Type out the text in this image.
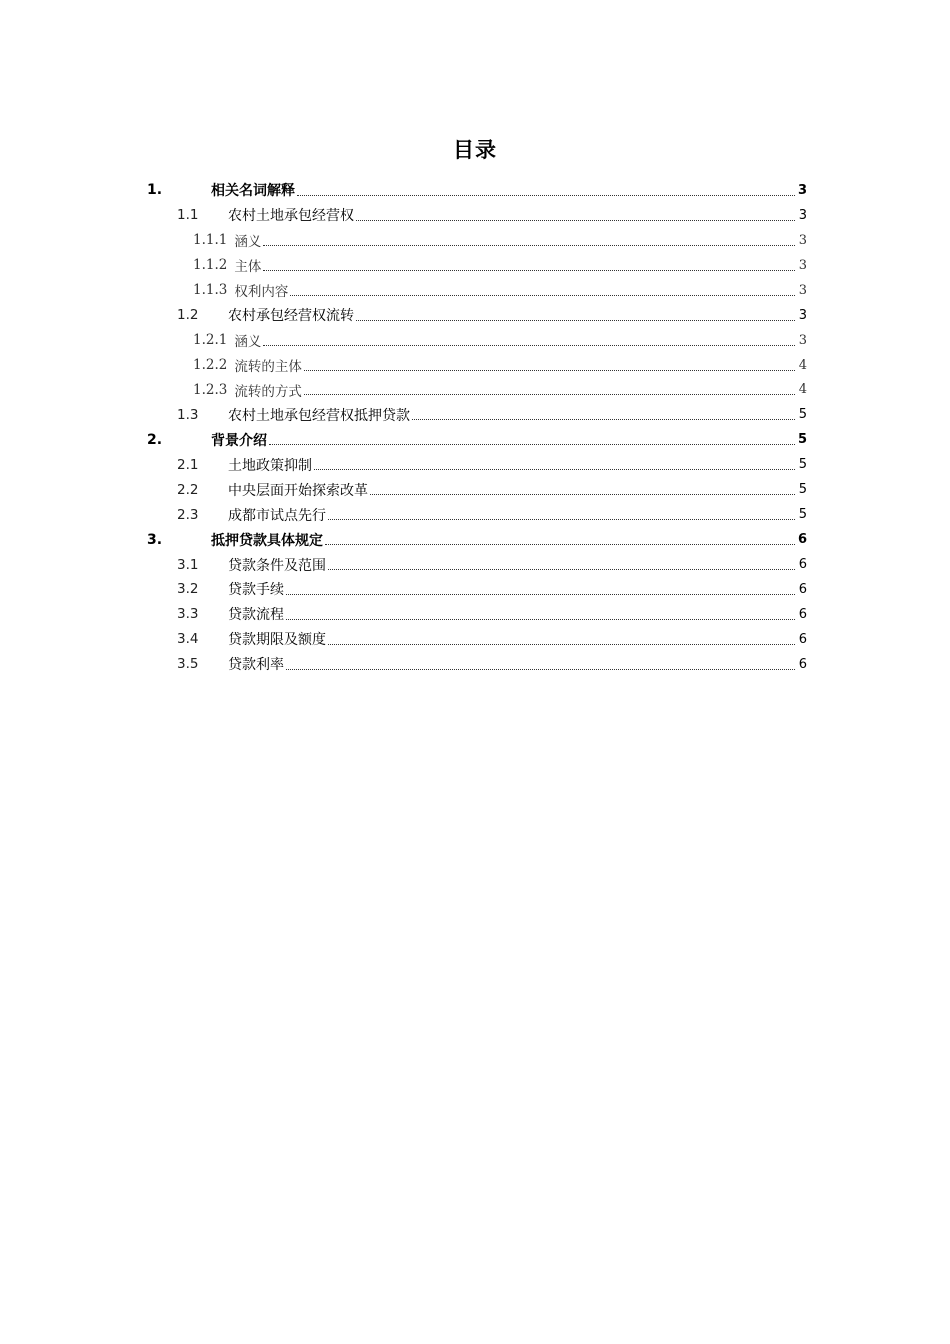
目录
1.	相关名词解释	3
1.1	农村土地承包经营权	3
1.1.1 涵义	3
1.1.2 主体	3
1.1.3 权利内容	3
1.2	农村承包经营权流转	3
1.2.1 涵义	3
1.2.2 流转的主体	4
1.2.3 流转的方式	4
1.3	农村土地承包经营权抵押贷款	5
2.	背景介绍	5
2.1	土地政策抑制	5
2.2	中央层面开始探索改革	5
2.3	成都市试点先行	5
3.	抵押贷款具体规定	6
3.1	贷款条件及范围	6
3.2	贷款手续	6
3.3	贷款流程	6
3.4	贷款期限及额度	6
3.5	贷款利率	6
